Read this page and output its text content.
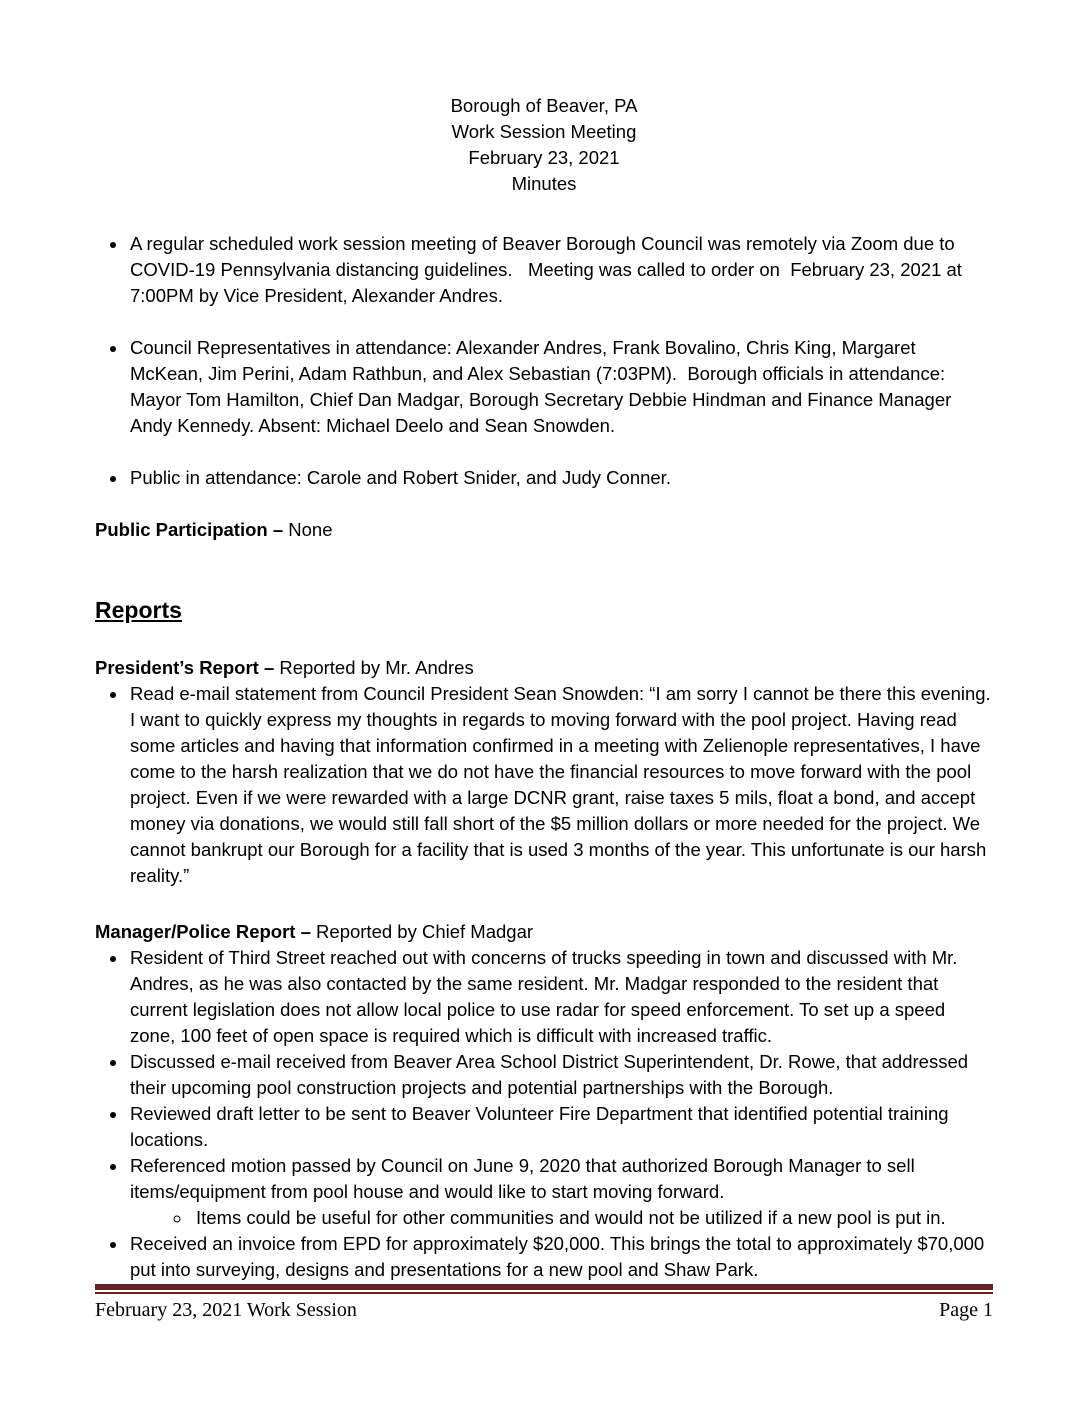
Borough of Beaver, PA
Work Session Meeting
February 23, 2021
Minutes
• A regular scheduled work session meeting of Beaver Borough Council was remotely via Zoom due to COVID-19 Pennsylvania distancing guidelines.   Meeting was called to order on  February 23, 2021 at 7:00PM by Vice President, Alexander Andres.
• Council Representatives in attendance: Alexander Andres, Frank Bovalino, Chris King, Margaret McKean, Jim Perini, Adam Rathbun, and Alex Sebastian (7:03PM).  Borough officials in attendance: Mayor Tom Hamilton, Chief Dan Madgar, Borough Secretary Debbie Hindman and Finance Manager Andy Kennedy. Absent: Michael Deelo and Sean Snowden.
• Public in attendance: Carole and Robert Snider, and Judy Conner.
Public Participation – None
Reports
President’s Report – Reported by Mr. Andres
• Read e-mail statement from Council President Sean Snowden: “I am sorry I cannot be there this evening. I want to quickly express my thoughts in regards to moving forward with the pool project. Having read some articles and having that information confirmed in a meeting with Zelienople representatives, I have come to the harsh realization that we do not have the financial resources to move forward with the pool project. Even if we were rewarded with a large DCNR grant, raise taxes 5 mils, float a bond, and accept money via donations, we would still fall short of the $5 million dollars or more needed for the project. We cannot bankrupt our Borough for a facility that is used 3 months of the year. This unfortunate is our harsh reality.”
Manager/Police Report – Reported by Chief Madgar
• Resident of Third Street reached out with concerns of trucks speeding in town and discussed with Mr. Andres, as he was also contacted by the same resident. Mr. Madgar responded to the resident that current legislation does not allow local police to use radar for speed enforcement. To set up a speed zone, 100 feet of open space is required which is difficult with increased traffic.
• Discussed e-mail received from Beaver Area School District Superintendent, Dr. Rowe, that addressed their upcoming pool construction projects and potential partnerships with the Borough.
• Reviewed draft letter to be sent to Beaver Volunteer Fire Department that identified potential training locations.
• Referenced motion passed by Council on June 9, 2020 that authorized Borough Manager to sell items/equipment from pool house and would like to start moving forward.
◦ Items could be useful for other communities and would not be utilized if a new pool is put in.
• Received an invoice from EPD for approximately $20,000. This brings the total to approximately $70,000 put into surveying, designs and presentations for a new pool and Shaw Park.
February 23, 2021 Work Session	Page 1
